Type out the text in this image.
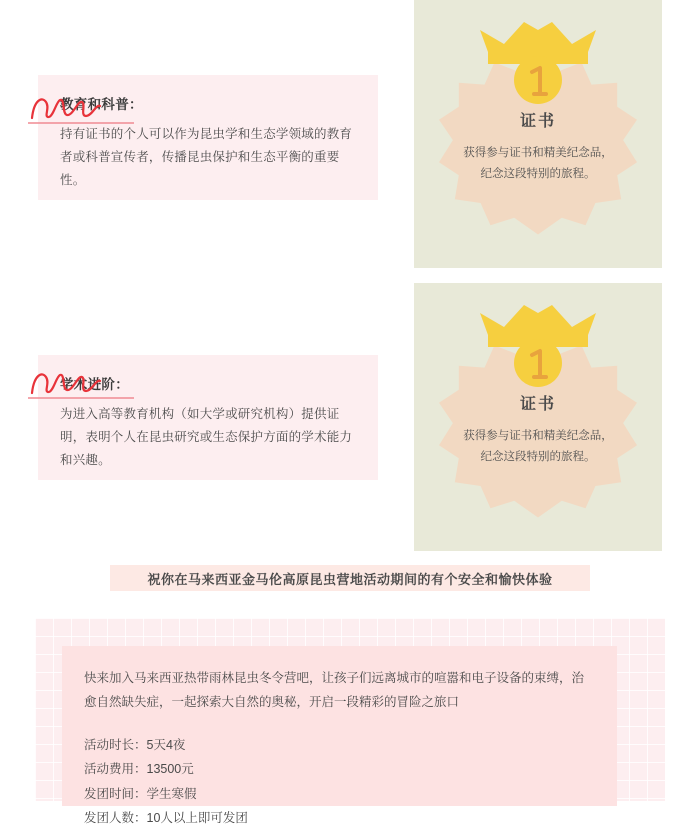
教育和科普：
持有证书的个人可以作为昆虫学和生态学领域的教育者或科普宣传者，传播昆虫保护和生态平衡的重要性。
证书
获得参与证书和精美纪念品，
纪念这段特别的旅程。
学术进阶：
为进入高等教育机构（如大学或研究机构）提供证明，表明个人在昆虫研究或生态保护方面的学术能力和兴趣。
证书
获得参与证书和精美纪念品，
纪念这段特别的旅程。
祝你在马来西亚金马伦高原昆虫营地活动期间的有个安全和愉快体验
快来加入马来西亚热带雨林昆虫冬令营吧，让孩子们远离城市的喧嚣和电子设备的束缚，治愈自然缺失症，一起探索大自然的奥秘，开启一段精彩的冒险之旅口
活动时长：5天4夜
活动费用：13500元
发团时间：学生寒假
发团人数：10人以上即可发团
